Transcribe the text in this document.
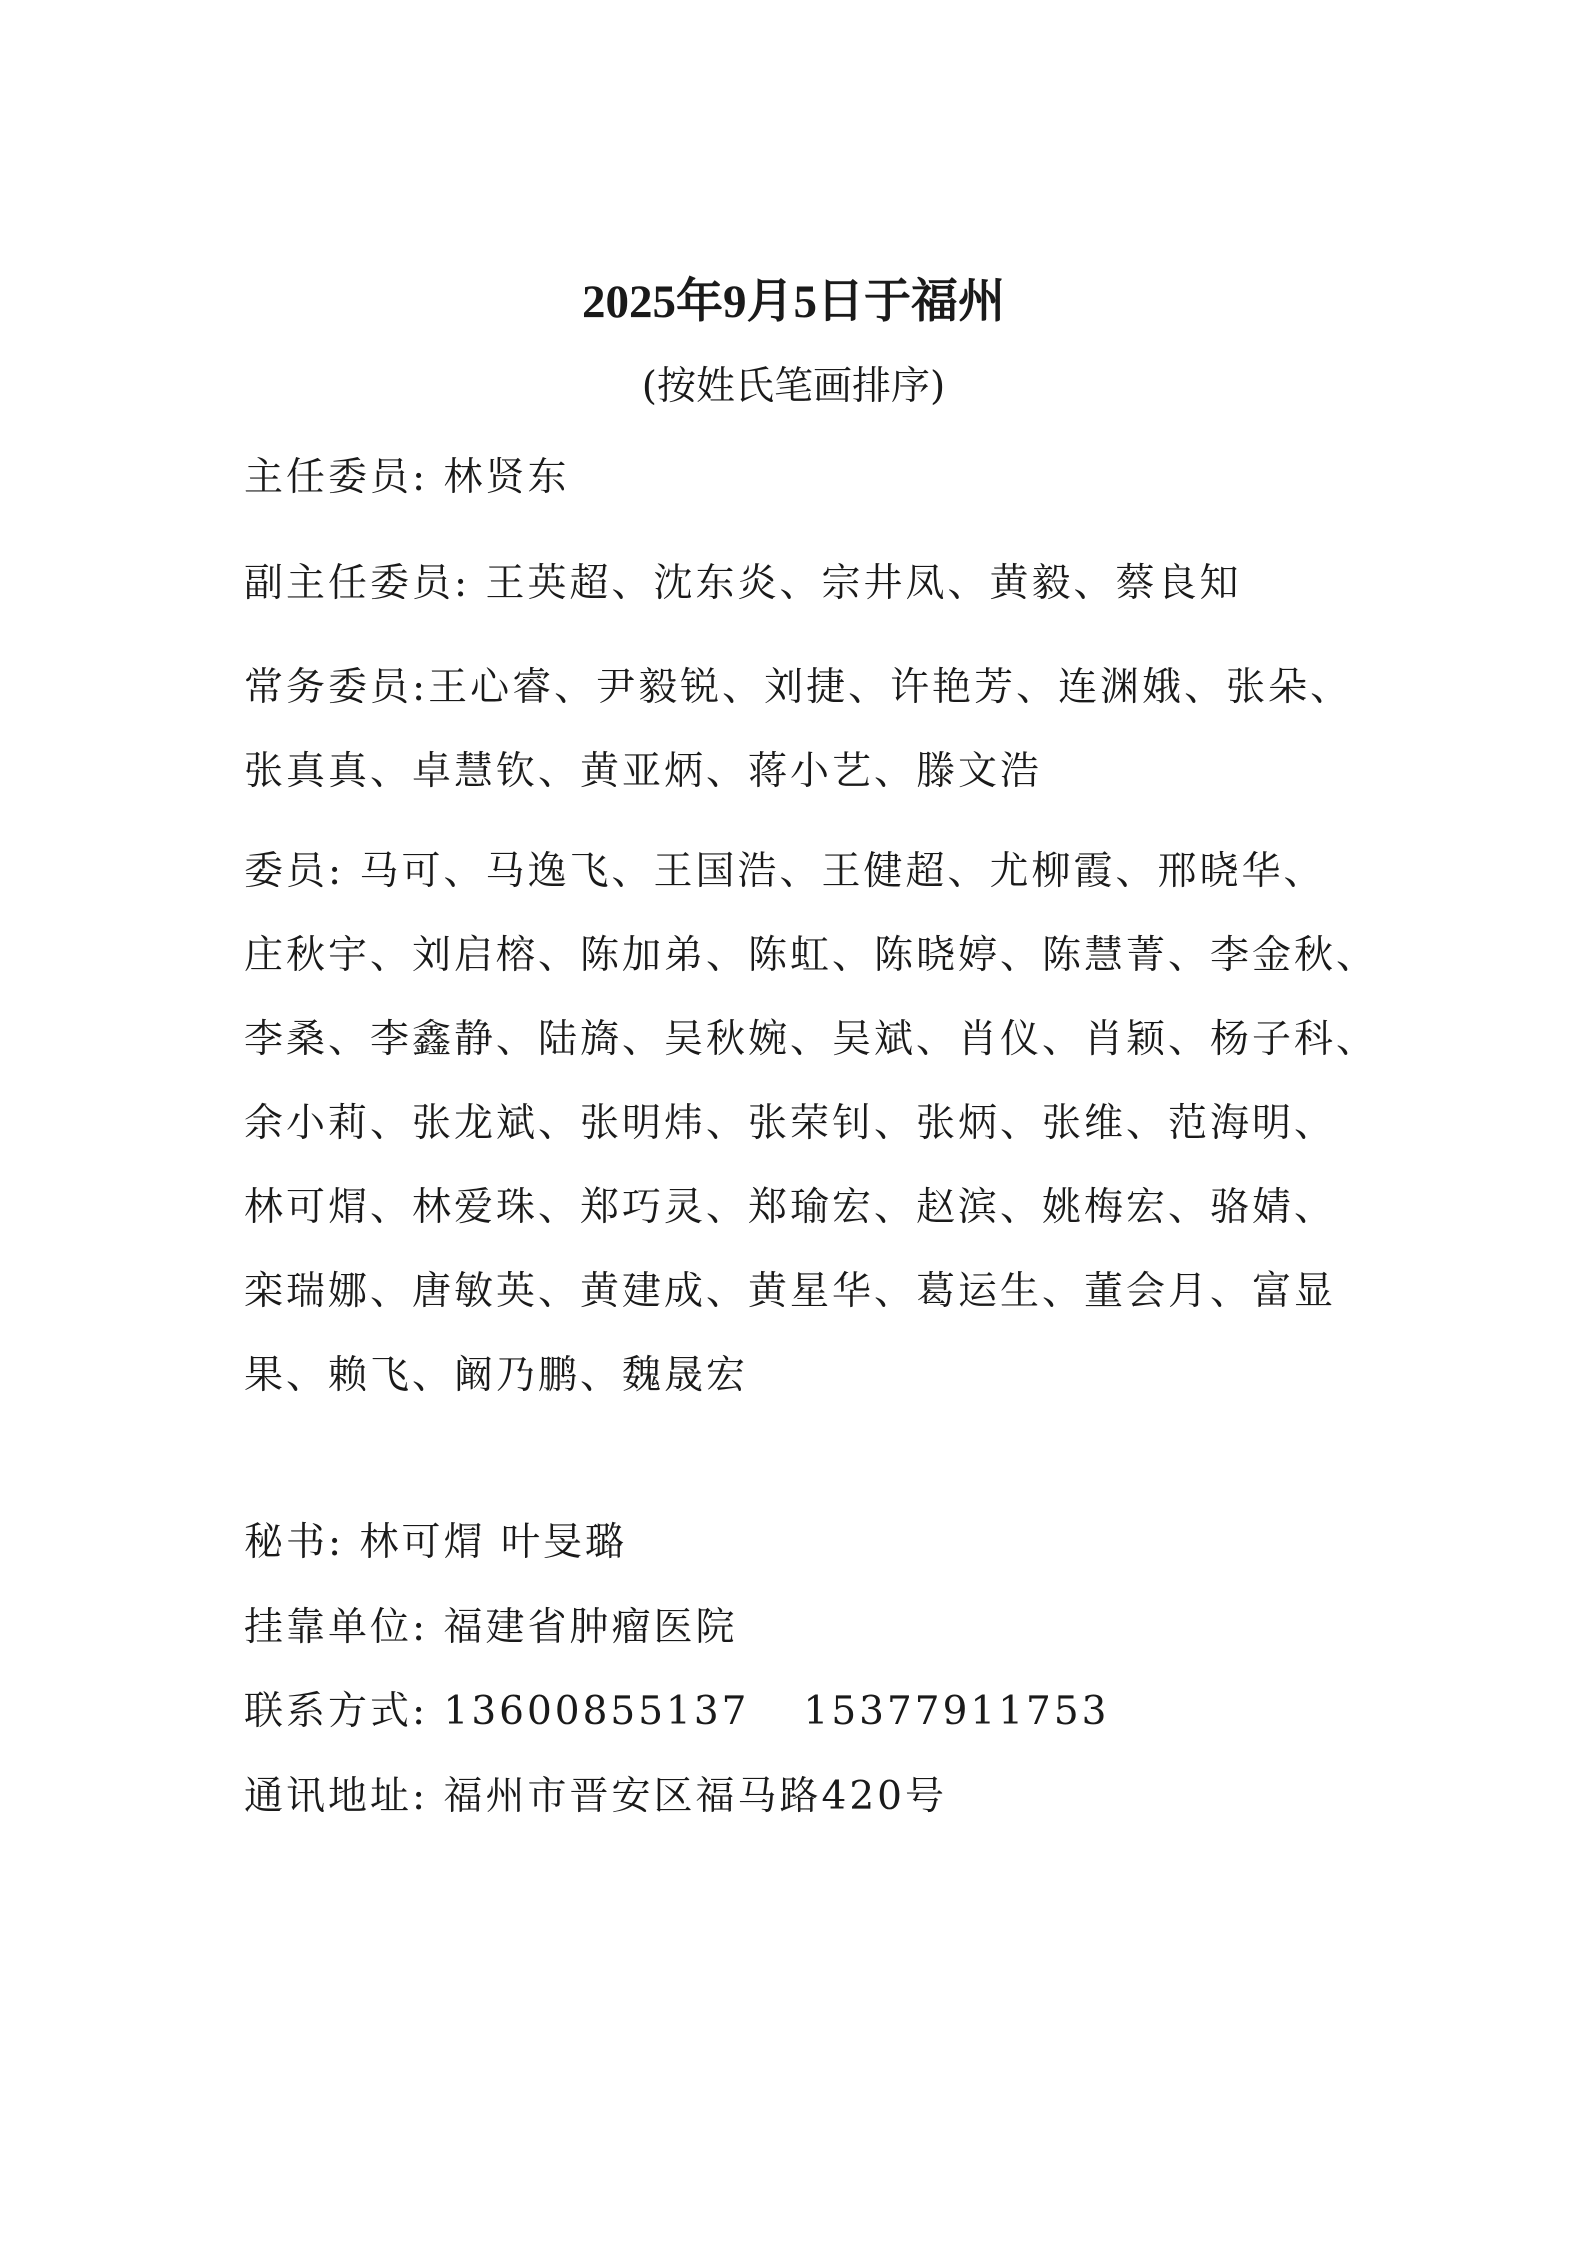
2025年9月5日于福州
(按姓氏笔画排序)
主任委员: 林贤东
副主任委员: 王英超、沈东炎、宗井凤、黄毅、蔡良知
常务委员:王心睿、尹毅锐、刘捷、许艳芳、连渊娥、张朵、
张真真、卓慧钦、黄亚炳、蒋小艺、滕文浩
委员: 马可、马逸飞、王国浩、王健超、尤柳霞、邢晓华、
庄秋宇、刘启榕、陈加弟、陈虹、陈晓婷、陈慧菁、李金秋、
李桑、李鑫静、陆旖、吴秋婉、吴斌、肖仪、肖颖、杨子科、
余小莉、张龙斌、张明炜、张荣钊、张炳、张维、范海明、
林可焨、林爱珠、郑巧灵、郑瑜宏、赵滨、姚梅宏、骆婧、
栾瑞娜、唐敏英、黄建成、黄星华、葛运生、董会月、富显
果、赖飞、阚乃鹏、魏晟宏
秘书: 林可焨 叶旻璐
挂靠单位: 福建省肿瘤医院
联系方式: 13600855137 15377911753
通讯地址: 福州市晋安区福马路420号
